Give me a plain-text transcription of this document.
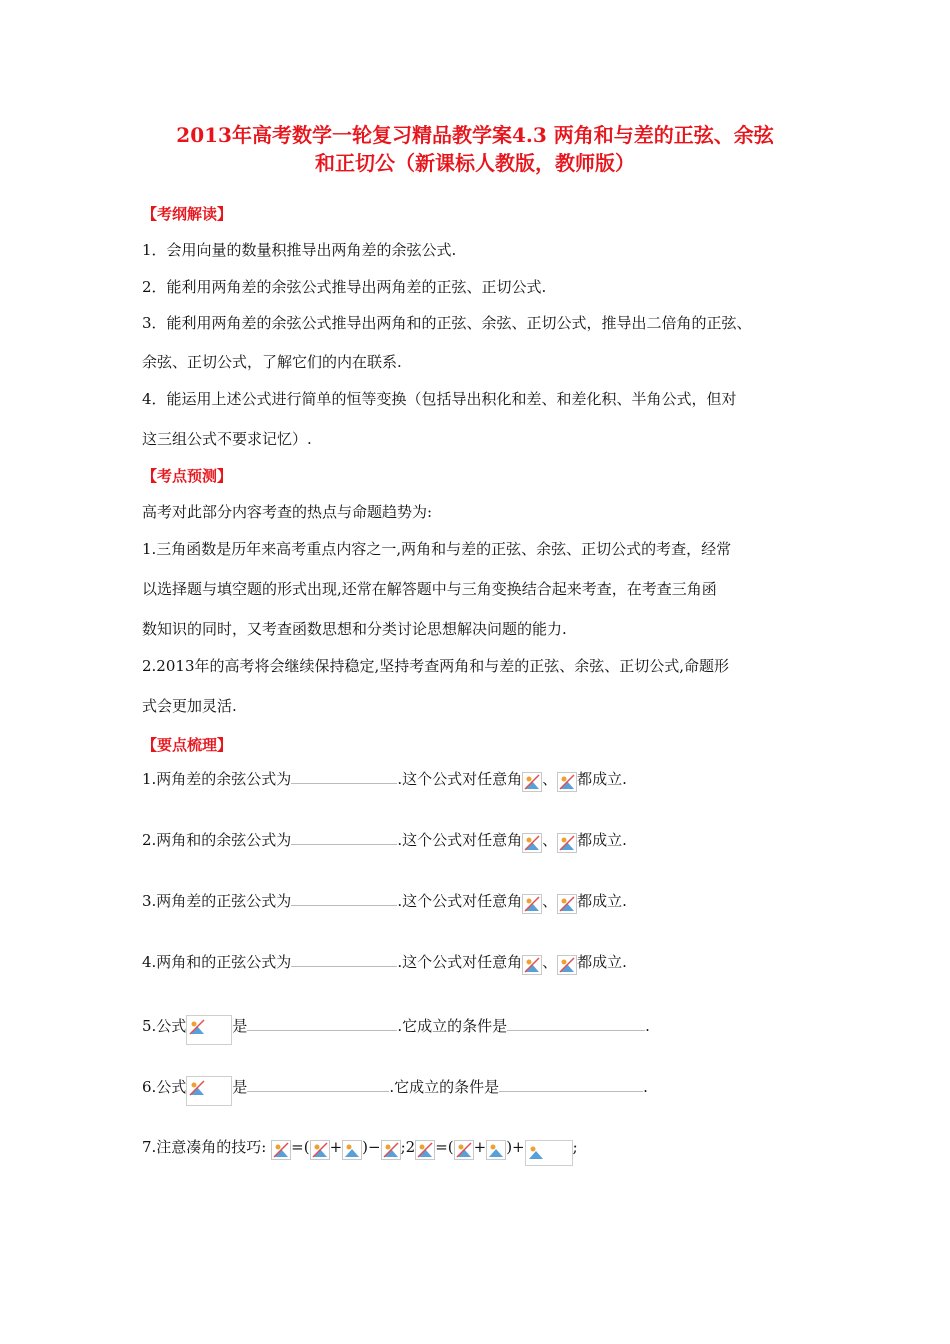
2013年高考数学一轮复习精品教学案4.3 两角和与差的正弦、余弦
和正切公（新课标人教版，教师版）
【考纲解读】
1．会用向量的数量积推导出两角差的余弦公式.
2．能利用两角差的余弦公式推导出两角差的正弦、正切公式.
3．能利用两角差的余弦公式推导出两角和的正弦、余弦、正切公式，推导出二倍角的正弦、
余弦、正切公式，了解它们的内在联系.
4．能运用上述公式进行简单的恒等变换（包括导出积化和差、和差化积、半角公式，但对
这三组公式不要求记忆）.
【考点预测】
高考对此部分内容考查的热点与命题趋势为:
1.三角函数是历年来高考重点内容之一,两角和与差的正弦、余弦、正切公式的考查，经常
以选择题与填空题的形式出现,还常在解答题中与三角变换结合起来考查，在考查三角函
数知识的同时，又考查函数思想和分类讨论思想解决问题的能力.
2.2013年的高考将会继续保持稳定,坚持考查两角和与差的正弦、余弦、正切公式,命题形
式会更加灵活.
【要点梳理】
1.两角差的余弦公式为	.这个公式对任意角 、 都成立.
2.两角和的余弦公式为	.这个公式对任意角 、 都成立.
3.两角差的正弦公式为	.这个公式对任意角 、 都成立.
4.两角和的正弦公式为	.这个公式对任意角 、 都成立.
5.公式	是	.它成立的条件是	.
6.公式	是	.它成立的条件是	.
7.注意凑角的技巧: =( + )− ;2 =( + )+	;
